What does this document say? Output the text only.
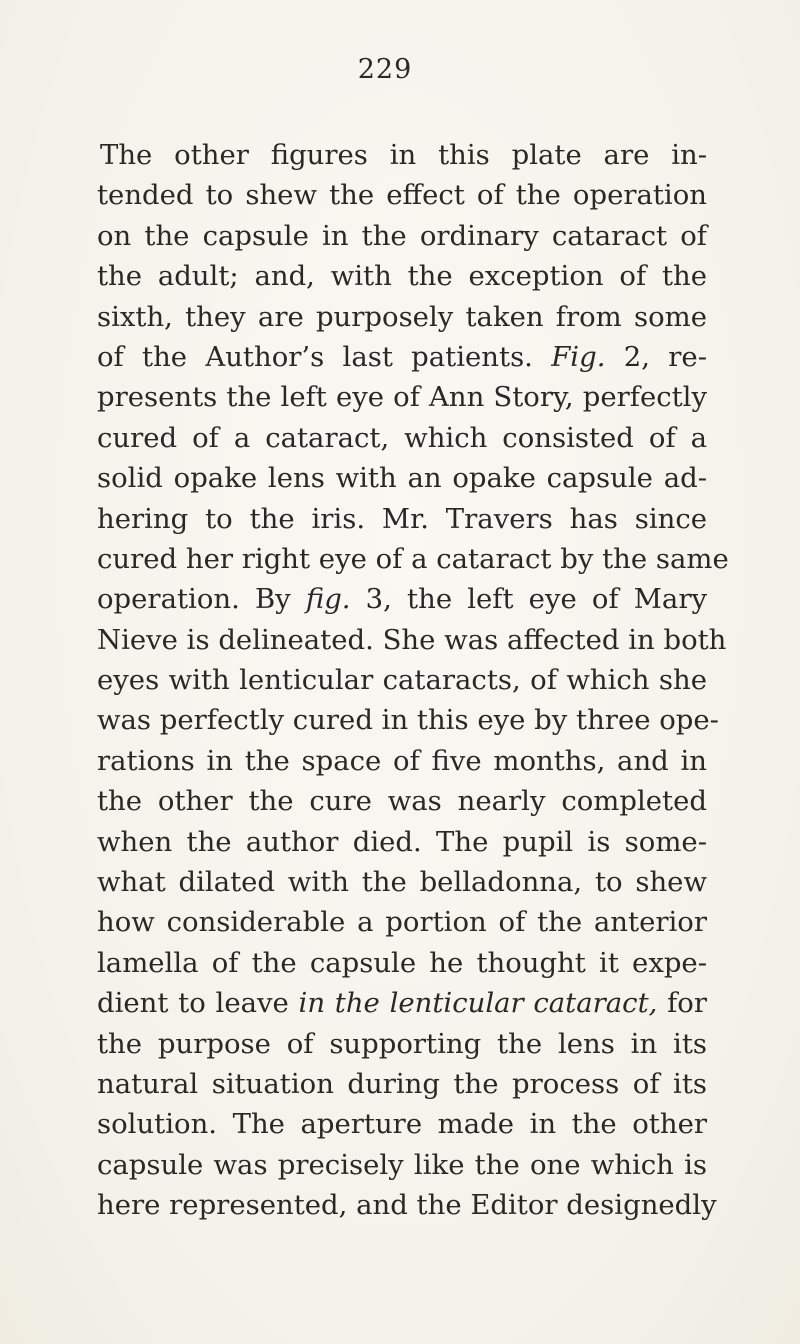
229
The other figures in this plate are in-
tended to shew the effect of the operation
on the capsule in the ordinary cataract of
the adult; and, with the exception of the
sixth, they are purposely taken from some
of the Author’s last patients. Fig. 2, re-
presents the left eye of Ann Story, perfectly
cured of a cataract, which consisted of a
solid opake lens with an opake capsule ad-
hering to the iris. Mr. Travers has since
cured her right eye of a cataract by the same
operation. By fig. 3, the left eye of Mary
Nieve is delineated. She was affected in both
eyes with lenticular cataracts, of which she
was perfectly cured in this eye by three ope-
rations in the space of five months, and in
the other the cure was nearly completed
when the author died. The pupil is some-
what dilated with the belladonna, to shew
how considerable a portion of the anterior
lamella of the capsule he thought it expe-
dient to leave in the lenticular cataract, for
the purpose of supporting the lens in its
natural situation during the process of its
solution. The aperture made in the other
capsule was precisely like the one which is
here represented, and the Editor designedly
